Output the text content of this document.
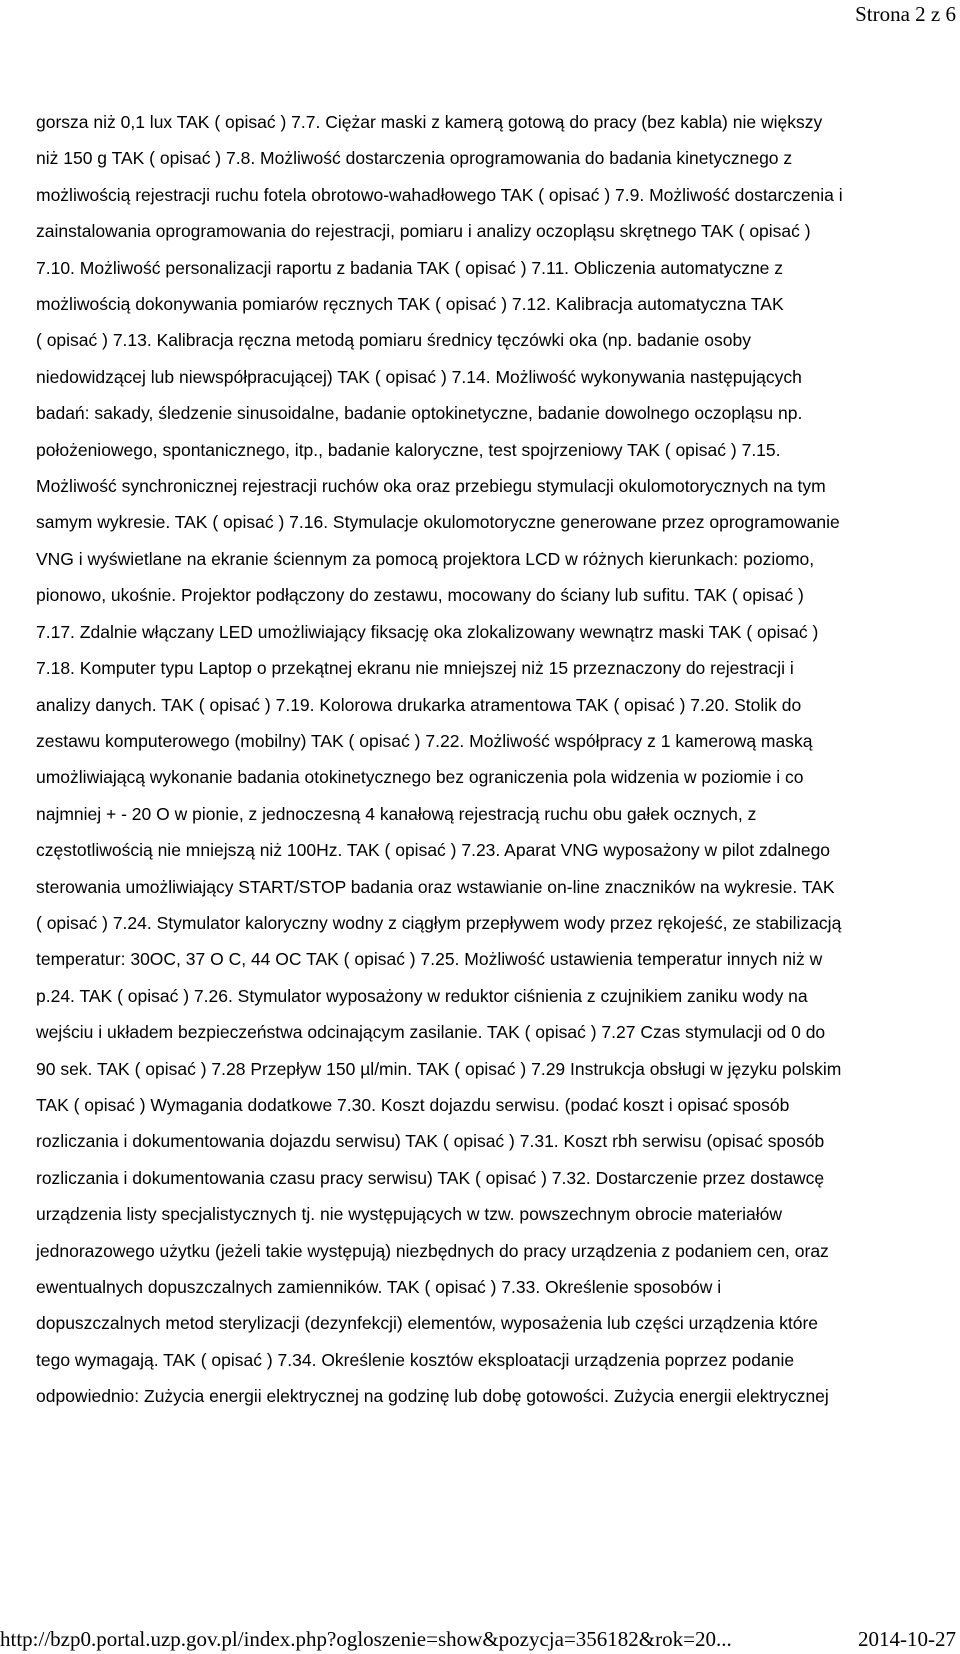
Strona 2 z 6
gorsza niż 0,1 lux TAK ( opisać ) 7.7. Ciężar maski z kamerą gotową do pracy (bez kabla) nie większy
niż 150 g TAK ( opisać ) 7.8. Możliwość dostarczenia oprogramowania do badania kinetycznego z
możliwością rejestracji ruchu fotela obrotowo-wahadłowego TAK ( opisać ) 7.9. Możliwość dostarczenia i
zainstalowania oprogramowania do rejestracji, pomiaru i analizy oczopląsu skrętnego TAK ( opisać )
7.10. Możliwość personalizacji raportu z badania TAK ( opisać ) 7.11. Obliczenia automatyczne z
możliwością dokonywania pomiarów ręcznych TAK ( opisać ) 7.12. Kalibracja automatyczna TAK
( opisać ) 7.13. Kalibracja ręczna metodą pomiaru średnicy tęczówki oka (np. badanie osoby
niedowidzącej lub niewspółpracującej) TAK ( opisać ) 7.14. Możliwość wykonywania następujących
badań: sakady, śledzenie sinusoidalne, badanie optokinetyczne, badanie dowolnego oczopląsu np.
położeniowego, spontanicznego, itp., badanie kaloryczne, test spojrzeniowy TAK ( opisać ) 7.15.
Możliwość synchronicznej rejestracji ruchów oka oraz przebiegu stymulacji okulomotorycznych na tym
samym wykresie. TAK ( opisać ) 7.16. Stymulacje okulomotoryczne generowane przez oprogramowanie
VNG i wyświetlane na ekranie ściennym za pomocą projektora LCD w różnych kierunkach: poziomo,
pionowo, ukośnie. Projektor podłączony do zestawu, mocowany do ściany lub sufitu. TAK ( opisać )
7.17. Zdalnie włączany LED umożliwiający fiksację oka zlokalizowany wewnątrz maski TAK ( opisać )
7.18. Komputer typu Laptop o przekątnej ekranu nie mniejszej niż 15 przeznaczony do rejestracji i
analizy danych. TAK ( opisać ) 7.19. Kolorowa drukarka atramentowa TAK ( opisać ) 7.20. Stolik do
zestawu komputerowego (mobilny) TAK ( opisać ) 7.22. Możliwość współpracy z 1 kamerową maską
umożliwiającą wykonanie badania otokinetycznego bez ograniczenia pola widzenia w poziomie i co
najmniej + - 20 O w pionie, z jednoczesną 4 kanałową rejestracją ruchu obu gałek ocznych, z
częstotliwością nie mniejszą niż 100Hz. TAK ( opisać ) 7.23. Aparat VNG wyposażony w pilot zdalnego
sterowania umożliwiający START/STOP badania oraz wstawianie on-line znaczników na wykresie. TAK
( opisać ) 7.24. Stymulator kaloryczny wodny z ciągłym przepływem wody przez rękojeść, ze stabilizacją
temperatur: 30OC, 37 O C, 44 OC TAK ( opisać ) 7.25. Możliwość ustawienia temperatur innych niż w
p.24. TAK ( opisać ) 7.26. Stymulator wyposażony w reduktor ciśnienia z czujnikiem zaniku wody na
wejściu i układem bezpieczeństwa odcinającym zasilanie. TAK ( opisać ) 7.27 Czas stymulacji od 0 do
90 sek. TAK ( opisać ) 7.28 Przepływ 150 µl/min. TAK ( opisać ) 7.29 Instrukcja obsługi w języku polskim
TAK ( opisać ) Wymagania dodatkowe 7.30. Koszt dojazdu serwisu. (podać koszt i opisać sposób
rozliczania i dokumentowania dojazdu serwisu) TAK ( opisać ) 7.31. Koszt rbh serwisu (opisać sposób
rozliczania i dokumentowania czasu pracy serwisu) TAK ( opisać ) 7.32. Dostarczenie przez dostawcę
urządzenia listy specjalistycznych tj. nie występujących w tzw. powszechnym obrocie materiałów
jednorazowego użytku (jeżeli takie występują) niezbędnych do pracy urządzenia z podaniem cen, oraz
ewentualnych dopuszczalnych zamienników. TAK ( opisać ) 7.33. Określenie sposobów i
dopuszczalnych metod sterylizacji (dezynfekcji) elementów, wyposażenia lub części urządzenia które
tego wymagają. TAK ( opisać ) 7.34. Określenie kosztów eksploatacji urządzenia poprzez podanie
odpowiednio: Zużycia energii elektrycznej na godzinę lub dobę gotowości. Zużycia energii elektrycznej
http://bzp0.portal.uzp.gov.pl/index.php?ogloszenie=show&pozycja=356182&rok=20...	2014-10-27
